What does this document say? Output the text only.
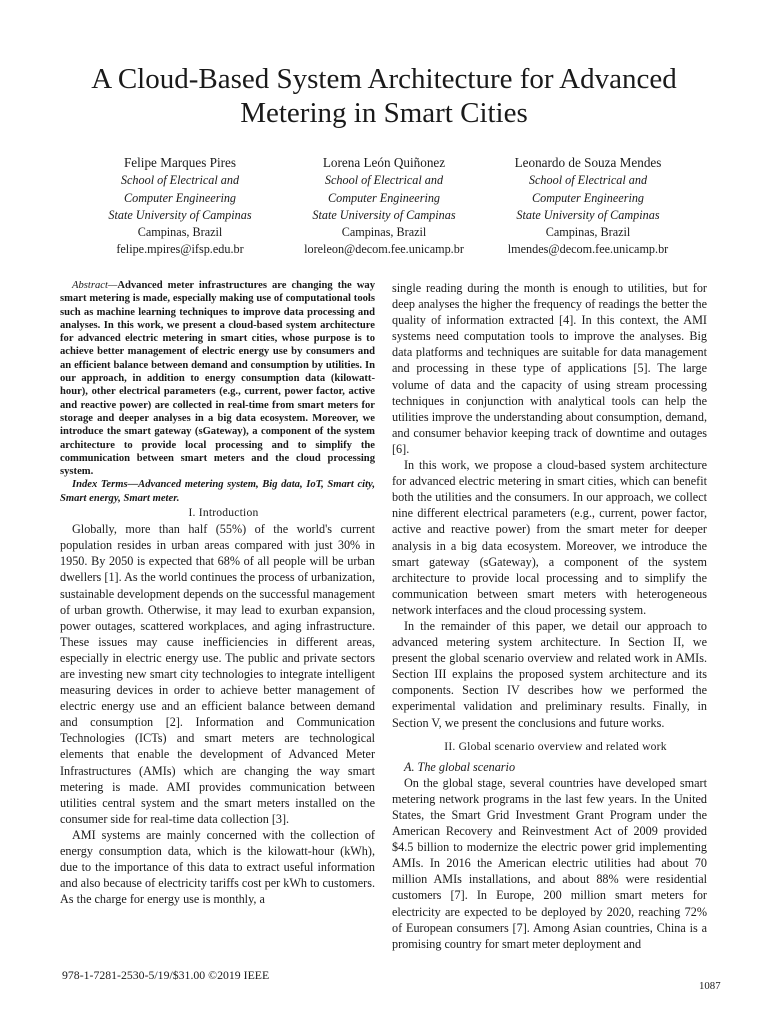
A Cloud-Based System Architecture for Advanced Metering in Smart Cities
Felipe Marques Pires
School of Electrical and
Computer Engineering
State University of Campinas
Campinas, Brazil
felipe.mpires@ifsp.edu.br
Lorena León Quiñonez
School of Electrical and
Computer Engineering
State University of Campinas
Campinas, Brazil
loreleon@decom.fee.unicamp.br
Leonardo de Souza Mendes
School of Electrical and
Computer Engineering
State University of Campinas
Campinas, Brazil
lmendes@decom.fee.unicamp.br

Abstract—Advanced meter infrastructures are changing the way smart metering is made, especially making use of computational tools such as machine learning techniques to improve data processing and analyses. In this work, we present a cloud-based system architecture for advanced electric metering in smart cities, whose purpose is to achieve better management of electric energy use by consumers and an efficient balance between demand and consumption by utilities. In our approach, in addition to energy consumption data (kilowatt-hour), other electrical parameters (e.g., current, power factor, active and reactive power) are collected in real-time from smart meters for storage and deeper analyses in a big data ecosystem. Moreover, we introduce the smart gateway (sGateway), a component of the system architecture to provide local processing and to simplify the communication between smart meters and the cloud processing system.

Index Terms—Advanced metering system, Big data, IoT, Smart city, Smart energy, Smart meter.

I. Introduction

Globally, more than half (55%) of the world's current population resides in urban areas compared with just 30% in 1950. By 2050 is expected that 68% of all people will be urban dwellers [1]. As the world continues the process of urbanization, sustainable development depends on the successful management of urban growth. Otherwise, it may lead to exurban expansion, power outages, scattered workplaces, and aging infrastructure. These issues may cause inefficiencies in different areas, especially in electric energy use. The public and private sectors are investing new smart city technologies to integrate intelligent measuring devices in order to achieve better management of electric energy use and an efficient balance between demand and consumption [2]. Information and Communication Technologies (ICTs) and smart meters are technological elements that enable the development of Advanced Meter Infrastructures (AMIs) which are changing the way smart metering is made. AMI provides communication between utilities central system and the smart meters installed on the consumer side for real-time data collection [3].

AMI systems are mainly concerned with the collection of energy consumption data, which is the kilowatt-hour (kWh), due to the importance of this data to extract useful information and also because of electricity tariffs cost per kWh to customers. As the charge for energy use is monthly, a

single reading during the month is enough to utilities, but for deep analyses the higher the frequency of readings the better the quality of information extracted [4]. In this context, the AMI systems need computation tools to improve the analyses. Big data platforms and techniques are suitable for data management and processing in these type of applications [5]. The large volume of data and the capacity of using stream processing techniques in conjunction with analytical tools can help the utilities improve the understanding about consumption, demand, and consumer behavior keeping track of downtime and outages [6].

In this work, we propose a cloud-based system architecture for advanced electric metering in smart cities, which can benefit both the utilities and the consumers. In our approach, we collect nine different electrical parameters (e.g., current, power factor, active and reactive power) from the smart meter for deeper analysis in a big data ecosystem. Moreover, we introduce the smart gateway (sGateway), a component of the system architecture to provide local processing and to simplify the communication between smart meters with heterogeneous network interfaces and the cloud processing system.

In the remainder of this paper, we detail our approach to advanced metering system architecture. In Section II, we present the global scenario overview and related work in AMIs. Section III explains the proposed system architecture and its components. Section IV describes how we performed the experimental validation and preliminary results. Finally, in Section V, we present the conclusions and future works.

II. Global scenario overview and related work

A. The global scenario

On the global stage, several countries have developed smart metering network programs in the last few years. In the United States, the Smart Grid Investment Grant Program under the American Recovery and Reinvestment Act of 2009 provided $4.5 billion to modernize the electric power grid implementing AMIs. In 2016 the American electric utilities had about 70 million AMIs installations, and about 88% were residential customers [7]. In Europe, 200 million smart meters for electricity are expected to be deployed by 2020, reaching 72% of European consumers [7]. Among Asian countries, China is a promising country for smart meter deployment and

978-1-7281-2530-5/19/$31.00 ©2019 IEEE
1087
